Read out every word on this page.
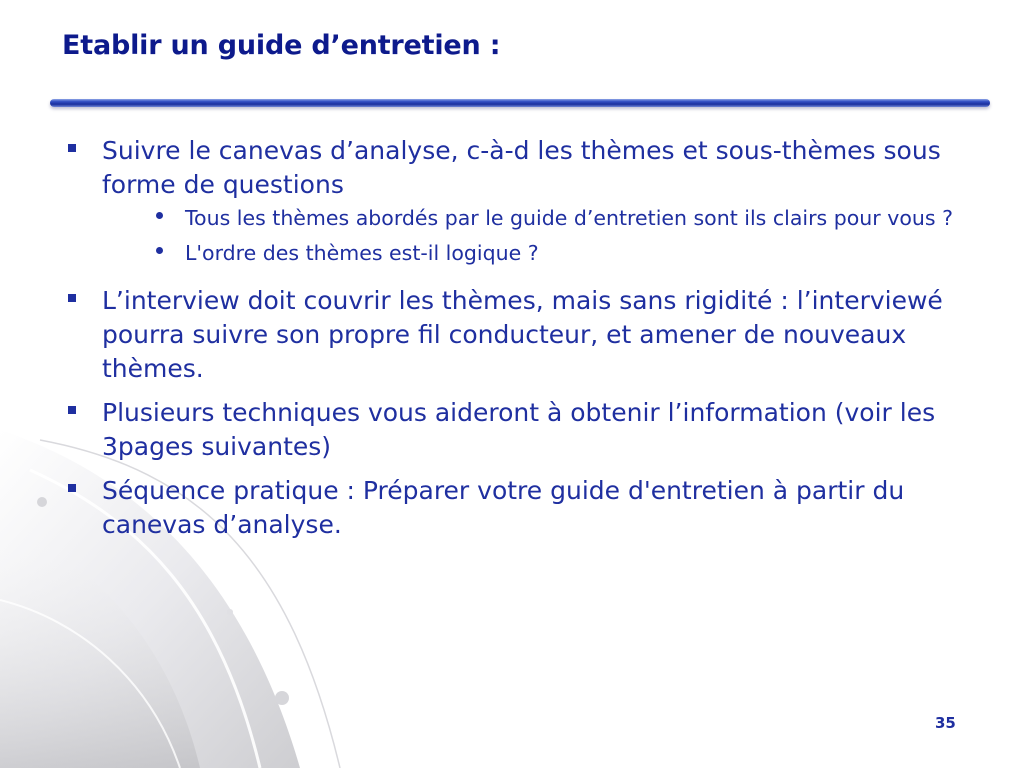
Etablir un guide d’entretien :
Suivre le canevas d’analyse, c-à-d les thèmes et sous-thèmes sous forme de questions
Tous les thèmes abordés par le guide d’entretien sont ils clairs pour vous ?
L'ordre des thèmes est-il logique ?
L’interview doit couvrir les thèmes, mais sans rigidité : l’interviewé pourra suivre son propre fil conducteur, et amener de nouveaux thèmes.
Plusieurs techniques vous aideront à obtenir l’information (voir les 3pages suivantes)
Séquence pratique : Préparer votre guide d'entretien à partir du canevas d’analyse.
35
